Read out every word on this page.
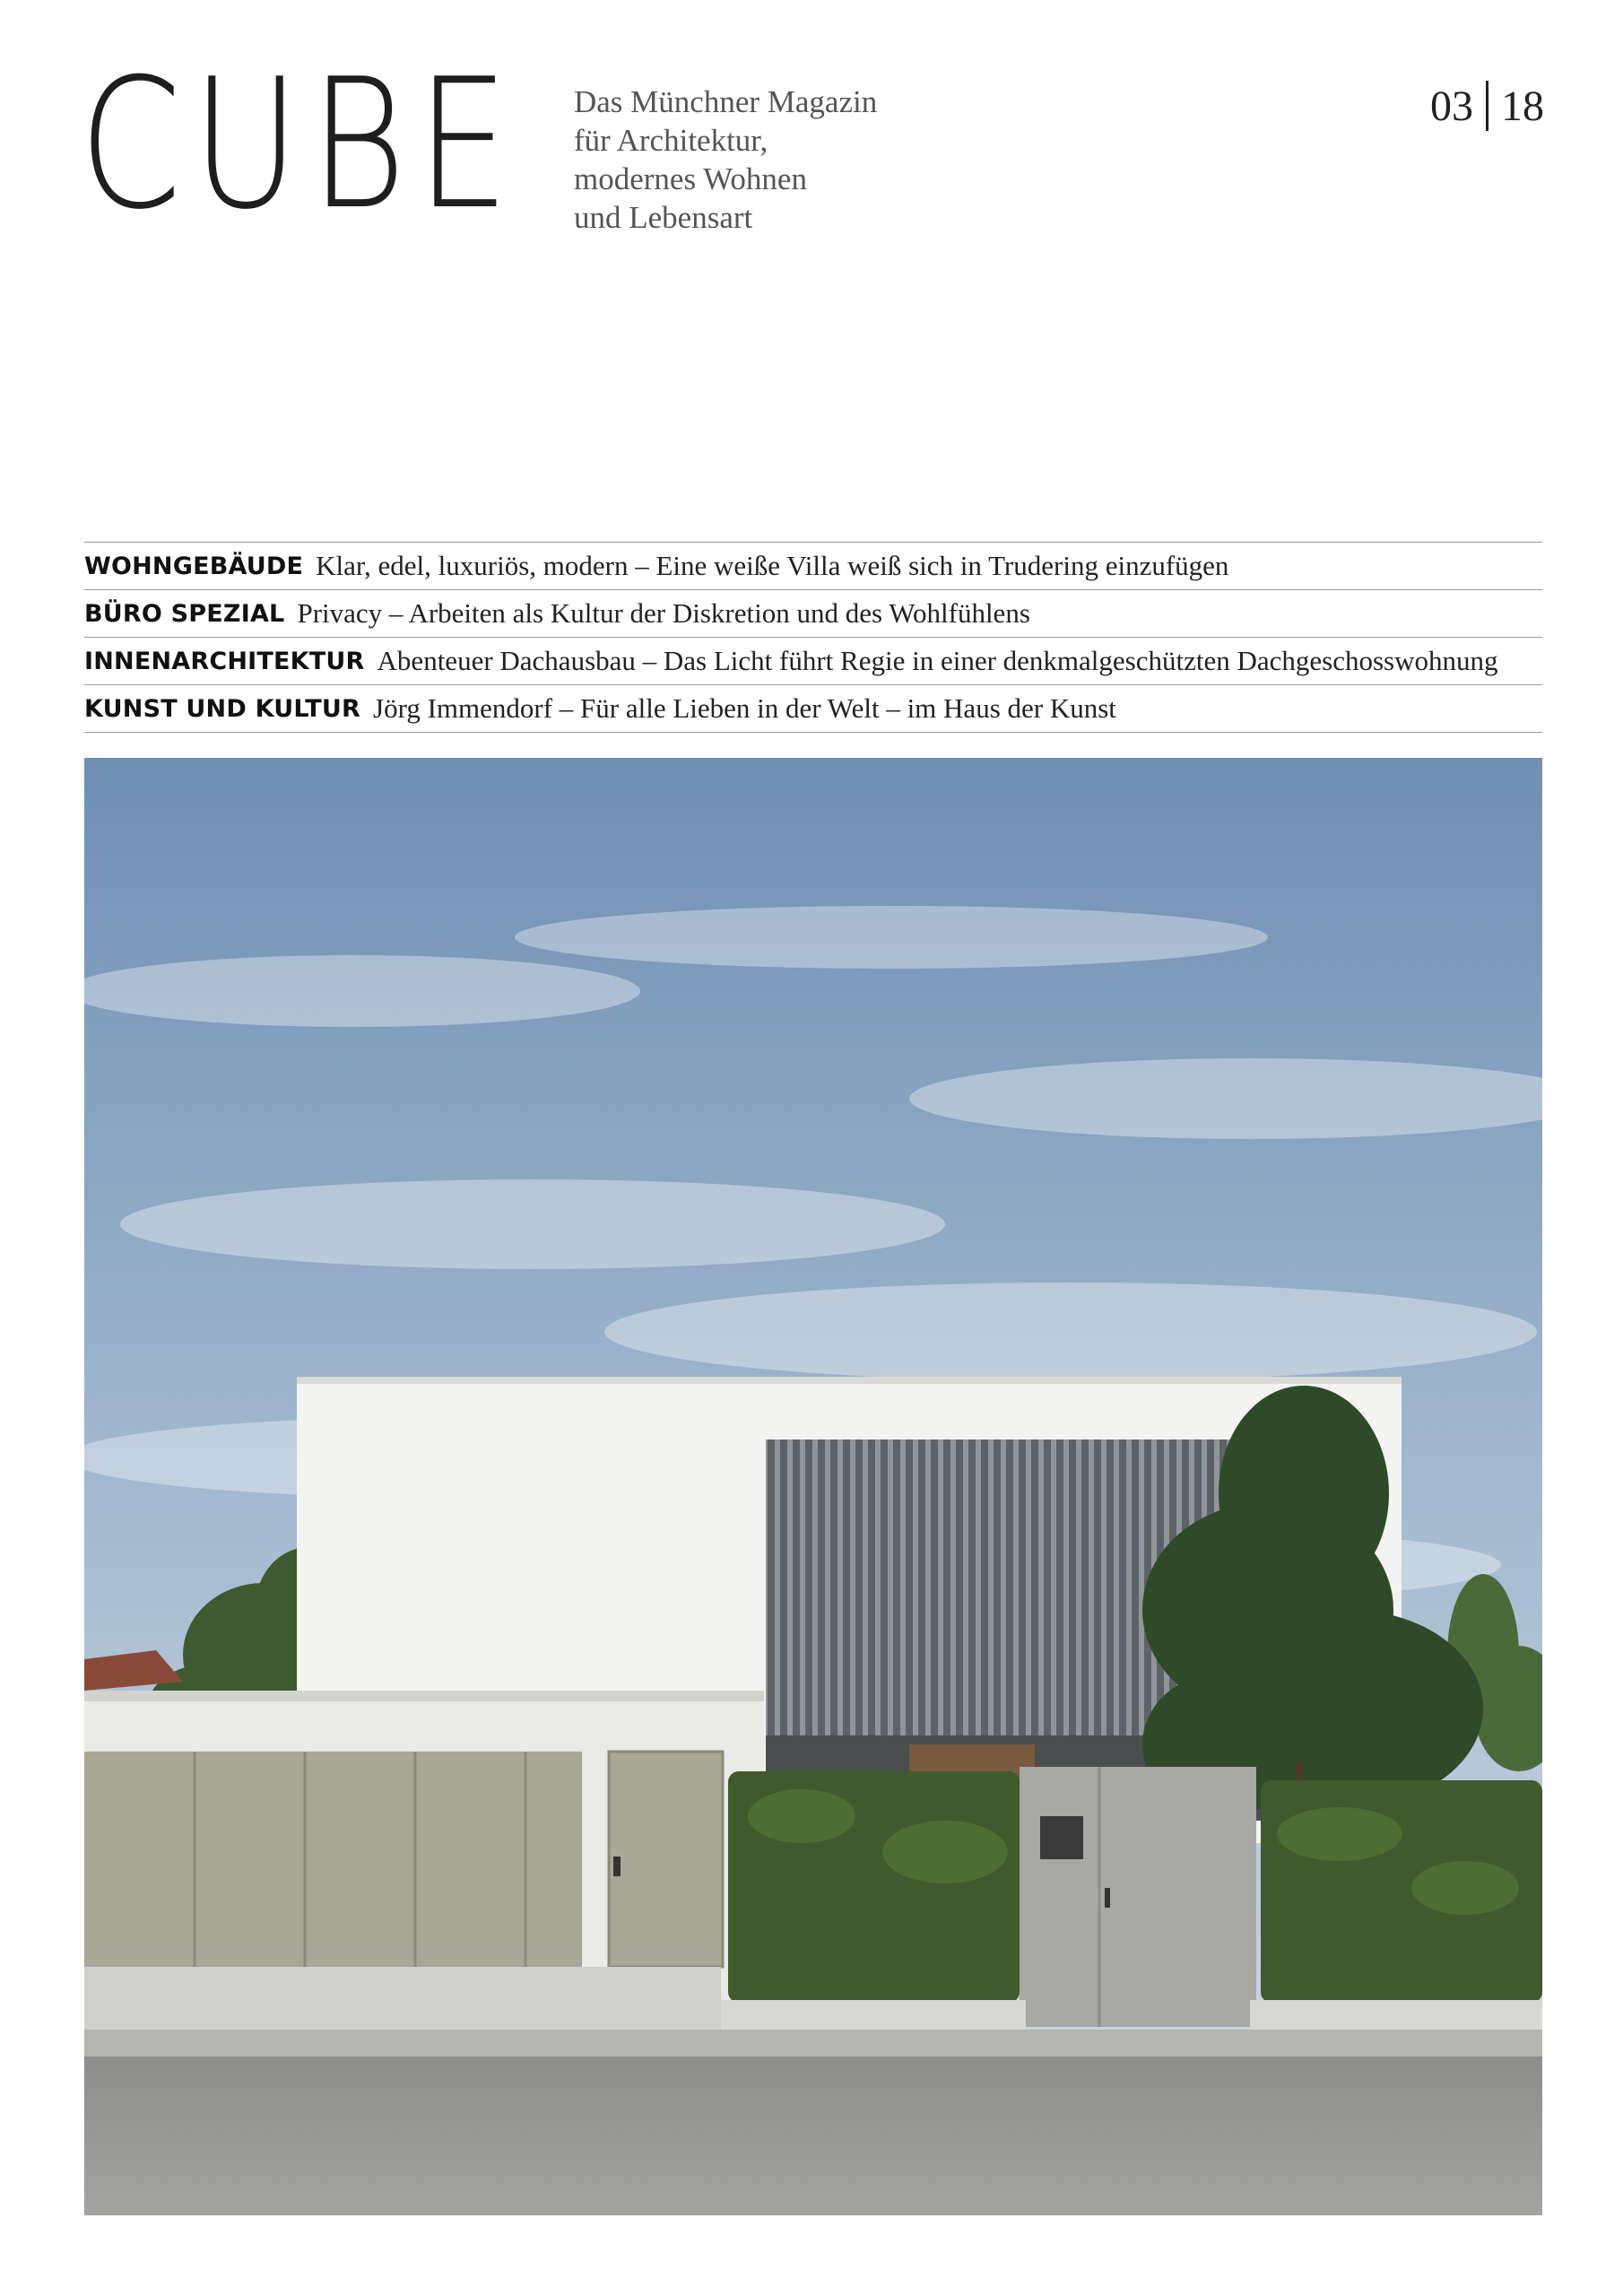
CUBE Das Münchner Magazin
für Architektur,
modernes Wohnen
und Lebensart
03 18
WOHNGEBÄUDE Klar, edel, luxuriös, modern – Eine weiße Villa weiß sich in Trudering einzufügen
BÜRO SPEZIAL Privacy – Arbeiten als Kultur der Diskretion und des Wohlfühlens
INNENARCHITEKTUR Abenteuer Dachausbau – Das Licht führt Regie in einer denkmalgeschützten Dachgeschosswohnung
KUNST UND KULTUR Jörg Immendorf – Für alle Lieben in der Welt – im Haus der Kunst
